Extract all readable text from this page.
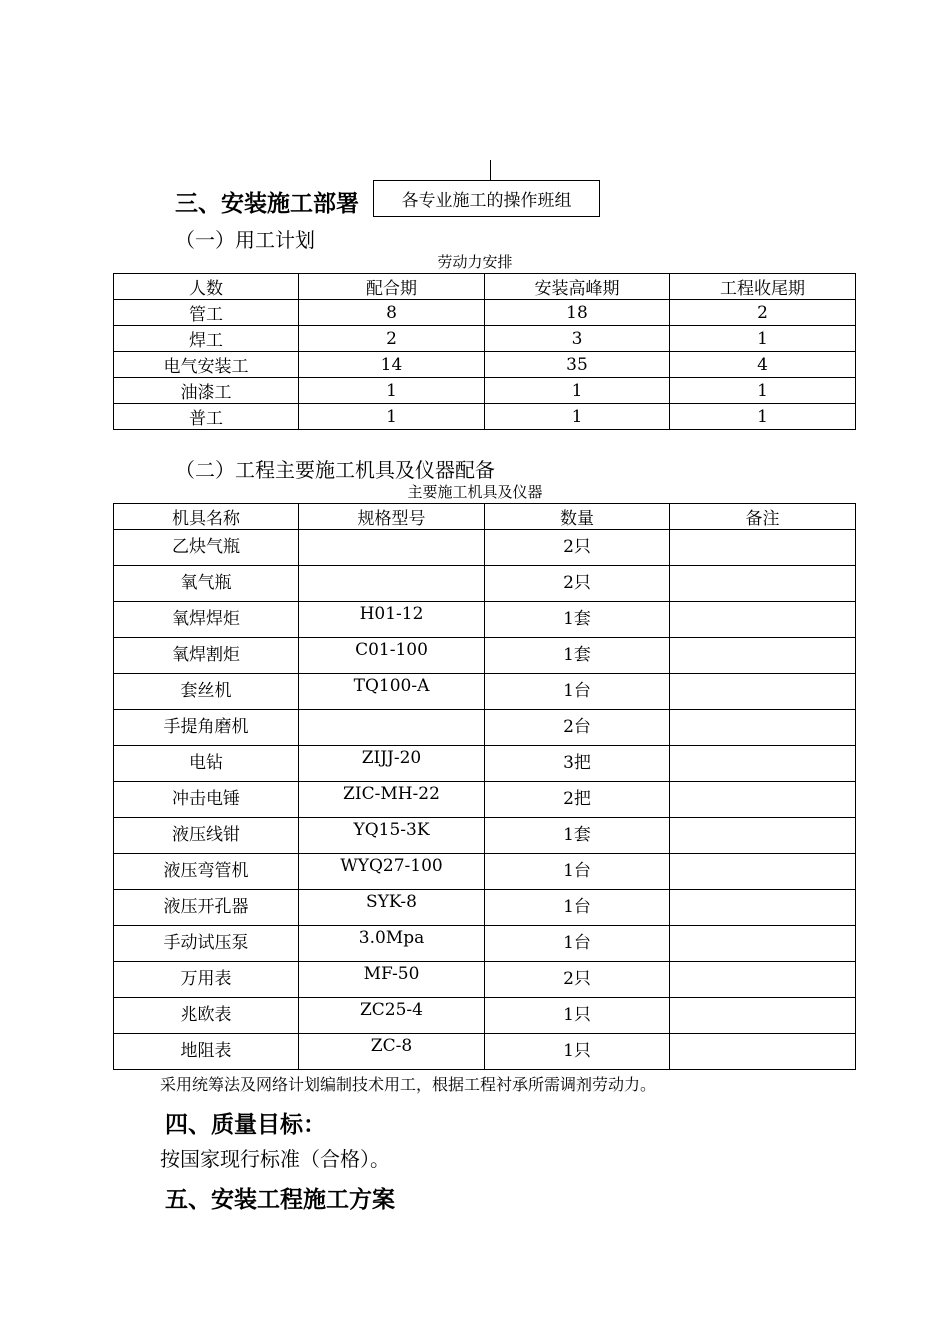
三、安装施工部署	各专业施工的操作班组
（一）用工计划
劳动力安排
人数	配合期	安装高峰期	工程收尾期
管工	8	18	2
焊工	2	3	1
电气安装工	14	35	4
油漆工	1	1	1
普工	1	1	1
（二）工程主要施工机具及仪器配备
主要施工机具及仪器
机具名称	规格型号	数量	备注
乙炔气瓶		2只	
氧气瓶		2只	
氧焊焊炬	H01-12	1套	
氧焊割炬	C01-100	1套	
套丝机	TQ100-A	1台	
手提角磨机		2台	
电钻	ZIJJ-20	3把	
冲击电锤	ZIC-MH-22	2把	
液压线钳	YQ15-3K	1套	
液压弯管机	WYQ27-100	1台	
液压开孔器	SYK-8	1台	
手动试压泵	3.0Mpa	1台	
万用表	MF-50	2只	
兆欧表	ZC25-4	1只	
地阻表	ZC-8	1只	
采用统筹法及网络计划编制技术用工，根据工程衬承所需调剂劳动力。
四、质量目标：
按国家现行标准（合格）。
五、安装工程施工方案
